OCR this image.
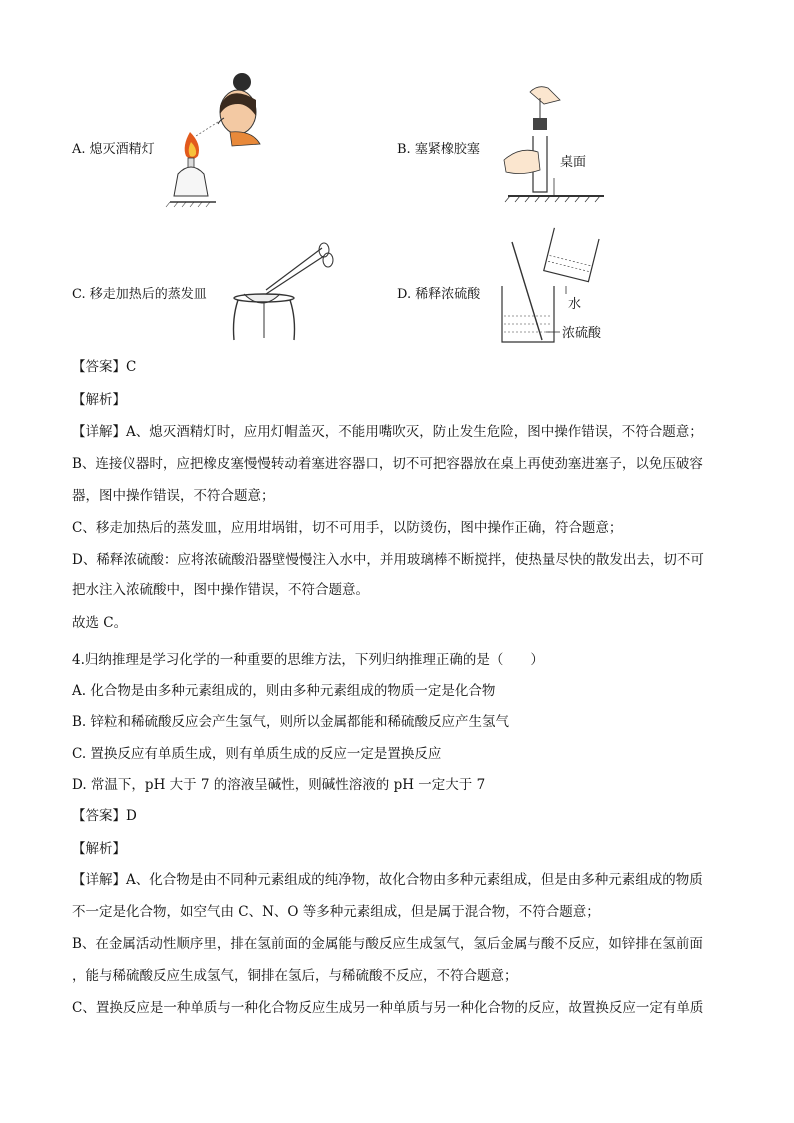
A. 熄灭酒精灯	B. 塞紧橡胶塞
桌面
C. 移走加热后的蒸发皿	D. 稀释浓硫酸
水
浓硫酸
【答案】C
【解析】
【详解】A、熄灭酒精灯时，应用灯帽盖灭，不能用嘴吹灭，防止发生危险，图中操作错误，不符合题意；
B、连接仪器时，应把橡皮塞慢慢转动着塞进容器口，切不可把容器放在桌上再使劲塞进塞子，以免压破容
器，图中操作错误，不符合题意；
C、移走加热后的蒸发皿，应用坩埚钳，切不可用手，以防烫伤，图中操作正确，符合题意；
D、稀释浓硫酸：应将浓硫酸沿器壁慢慢注入水中，并用玻璃棒不断搅拌，使热量尽快的散发出去，切不可
把水注入浓硫酸中，图中操作错误，不符合题意。
故选 C。
4.归纳推理是学习化学的一种重要的思维方法，下列归纳推理正确的是（　　）
A. 化合物是由多种元素组成的，则由多种元素组成的物质一定是化合物
B. 锌粒和稀硫酸反应会产生氢气，则所以金属都能和稀硫酸反应产生氢气
C. 置换反应有单质生成，则有单质生成的反应一定是置换反应
D. 常温下，pH 大于 7 的溶液呈碱性，则碱性溶液的 pH 一定大于 7
【答案】D
【解析】
【详解】A、化合物是由不同种元素组成的纯净物，故化合物由多种元素组成，但是由多种元素组成的物质
不一定是化合物，如空气由 C、N、O 等多种元素组成，但是属于混合物，不符合题意；
B、在金属活动性顺序里，排在氢前面的金属能与酸反应生成氢气，氢后金属与酸不反应，如锌排在氢前面
，能与稀硫酸反应生成氢气，铜排在氢后，与稀硫酸不反应，不符合题意；
C、置换反应是一种单质与一种化合物反应生成另一种单质与另一种化合物的反应，故置换反应一定有单质
